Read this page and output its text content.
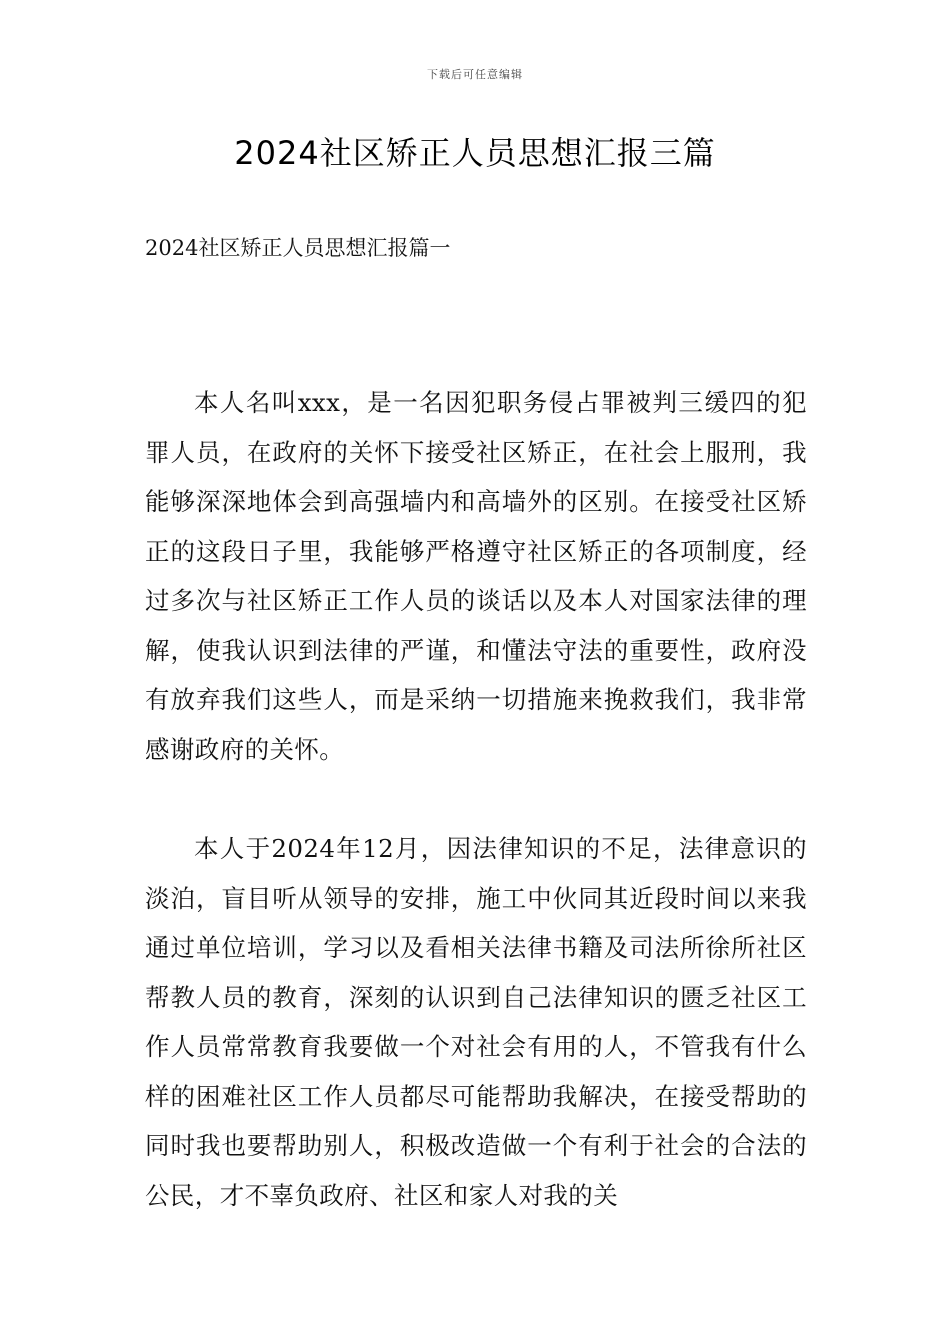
下载后可任意编辑
2024社区矫正人员思想汇报三篇
2024社区矫正人员思想汇报篇一

本人名叫xxx，是一名因犯职务侵占罪被判三缓四的犯罪人员，在政府的关怀下接受社区矫正，在社会上服刑，我能够深深地体会到高强墙内和高墙外的区别。在接受社区矫正的这段日子里，我能够严格遵守社区矫正的各项制度，经过多次与社区矫正工作人员的谈话以及本人对国家法律的理解，使我认识到法律的严谨，和懂法守法的重要性，政府没有放弃我们这些人，而是采纳一切措施来挽救我们，我非常感谢政府的关怀。

本人于2024年12月，因法律知识的不足，法律意识的淡泊，盲目听从领导的安排，施工中伙同其近段时间以来我通过单位培训，学习以及看相关法律书籍及司法所徐所社区帮教人员的教育，深刻的认识到自己法律知识的匮乏社区工作人员常常教育我要做一个对社会有用的人，不管我有什么样的困难社区工作人员都尽可能帮助我解决，在接受帮助的同时我也要帮助别人，积极改造做一个有利于社会的合法的公民，才不辜负政府、社区和家人对我的关
